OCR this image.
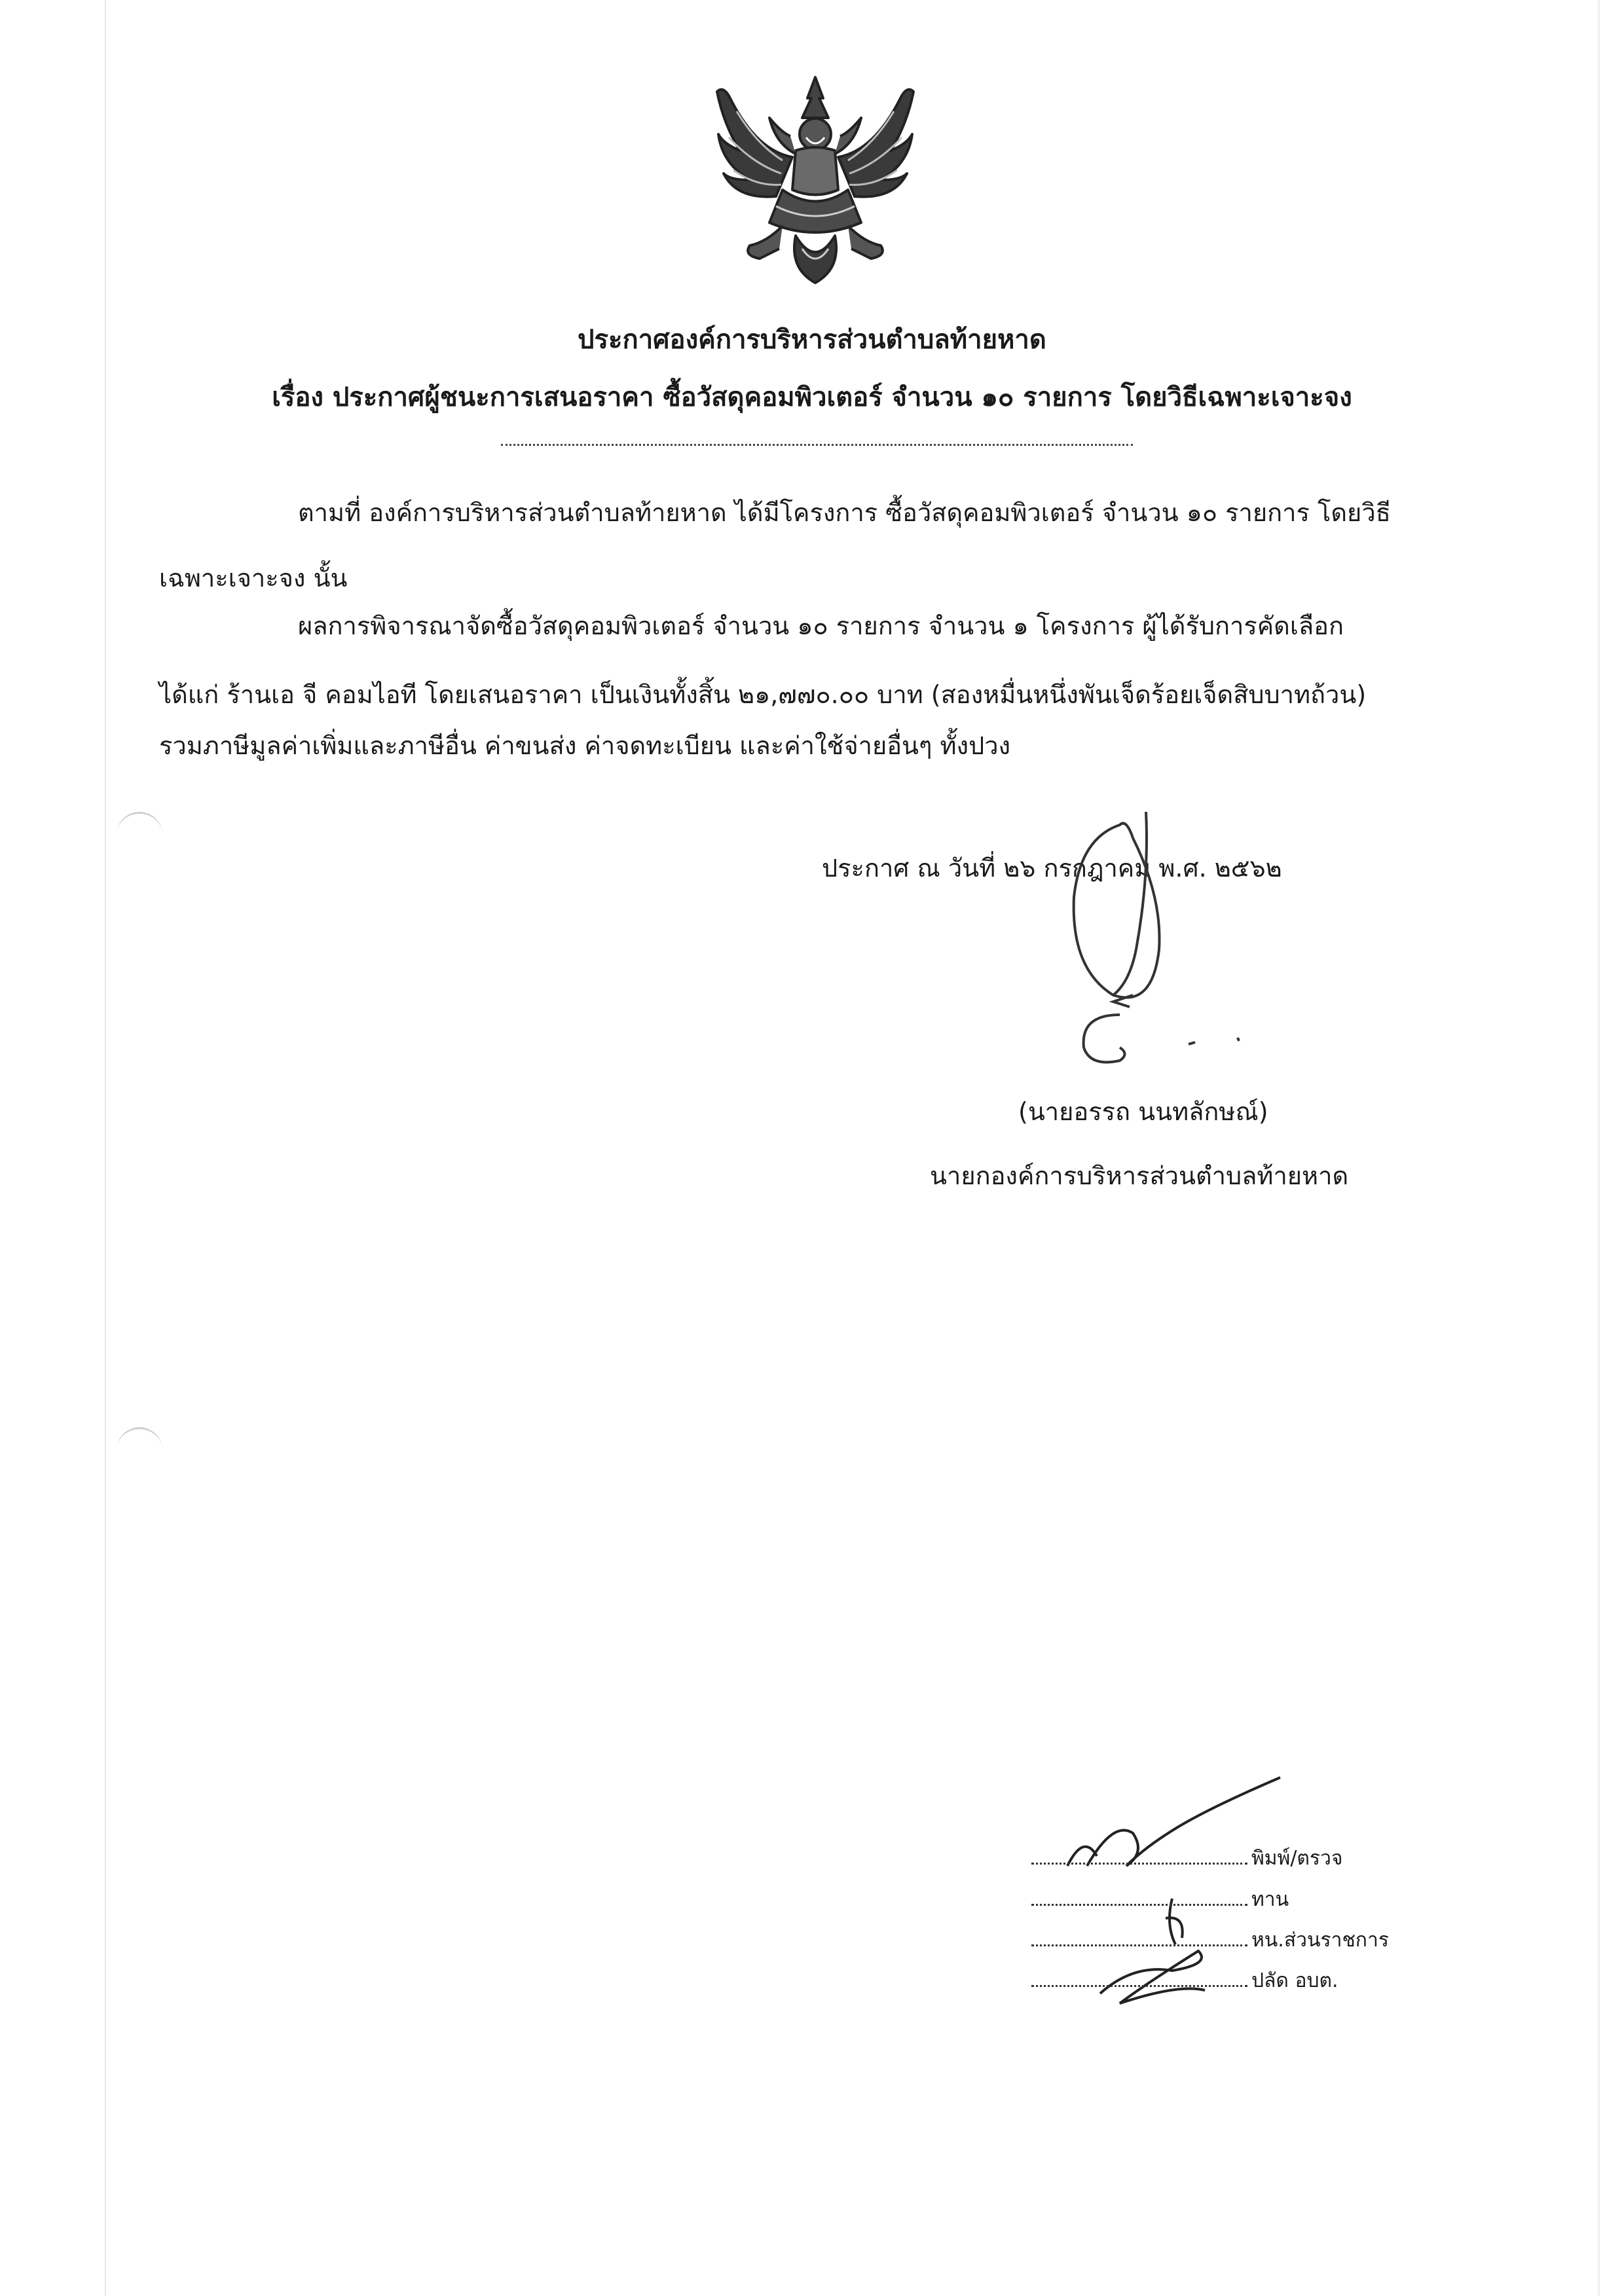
ประกาศองค์การบริหารส่วนตำบลท้ายหาด
เรื่อง ประกาศผู้ชนะการเสนอราคา ซื้อวัสดุคอมพิวเตอร์ จำนวน ๑๐ รายการ โดยวิธีเฉพาะเจาะจง
ตามที่ องค์การบริหารส่วนตำบลท้ายหาด ได้มีโครงการ ซื้อวัสดุคอมพิวเตอร์ จำนวน ๑๐ รายการ โดยวิธี
เฉพาะเจาะจง นั้น
ผลการพิจารณาจัดซื้อวัสดุคอมพิวเตอร์ จำนวน ๑๐ รายการ จำนวน ๑ โครงการ ผู้ได้รับการคัดเลือก
ได้แก่ ร้านเอ จี คอมไอที โดยเสนอราคา เป็นเงินทั้งสิ้น ๒๑,๗๗๐.๐๐ บาท (สองหมื่นหนึ่งพันเจ็ดร้อยเจ็ดสิบบาทถ้วน)
รวมภาษีมูลค่าเพิ่มและภาษีอื่น ค่าขนส่ง ค่าจดทะเบียน และค่าใช้จ่ายอื่นๆ ทั้งปวง
ประกาศ ณ วันที่ ๒๖ กรกฎาคม พ.ศ. ๒๕๖๒
(นายอรรถ นนทลักษณ์)
นายกองค์การบริหารส่วนตำบลท้ายหาด
พิมพ์/ตรวจ
ทาน
หน.ส่วนราชการ
ปลัด อบต.
